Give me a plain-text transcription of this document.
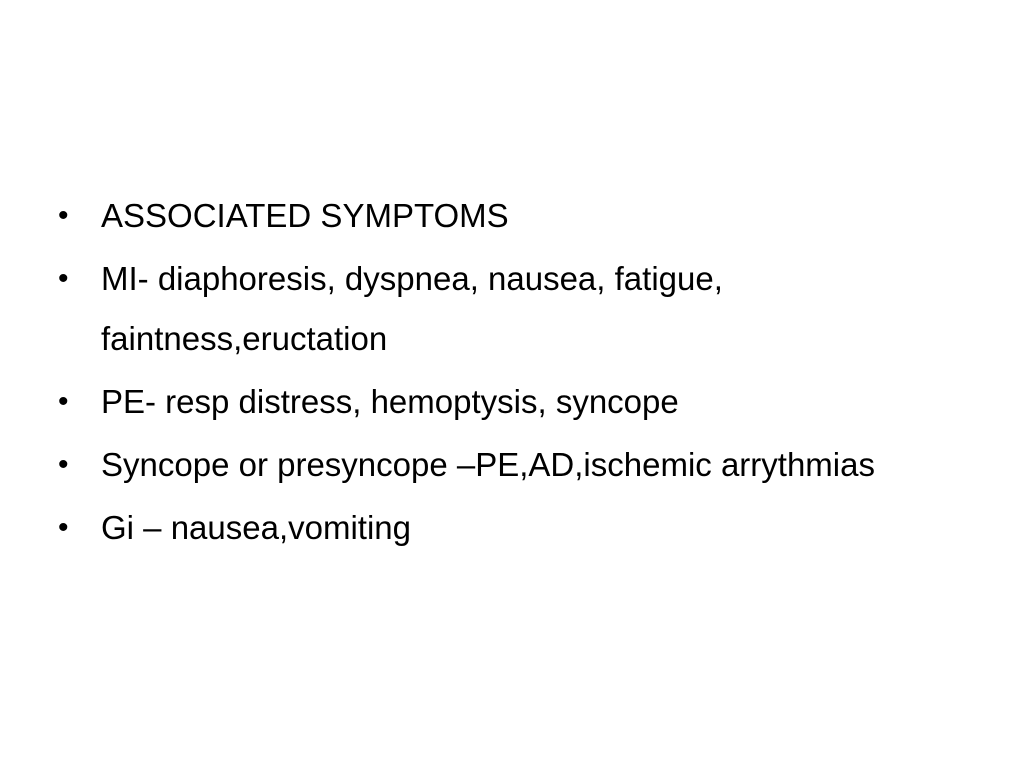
• ASSOCIATED SYMPTOMS
• MI- diaphoresis, dyspnea, nausea, fatigue, faintness,eructation
• PE- resp distress, hemoptysis, syncope
• Syncope or presyncope –PE,AD,ischemic arrythmias
• Gi – nausea,vomiting
